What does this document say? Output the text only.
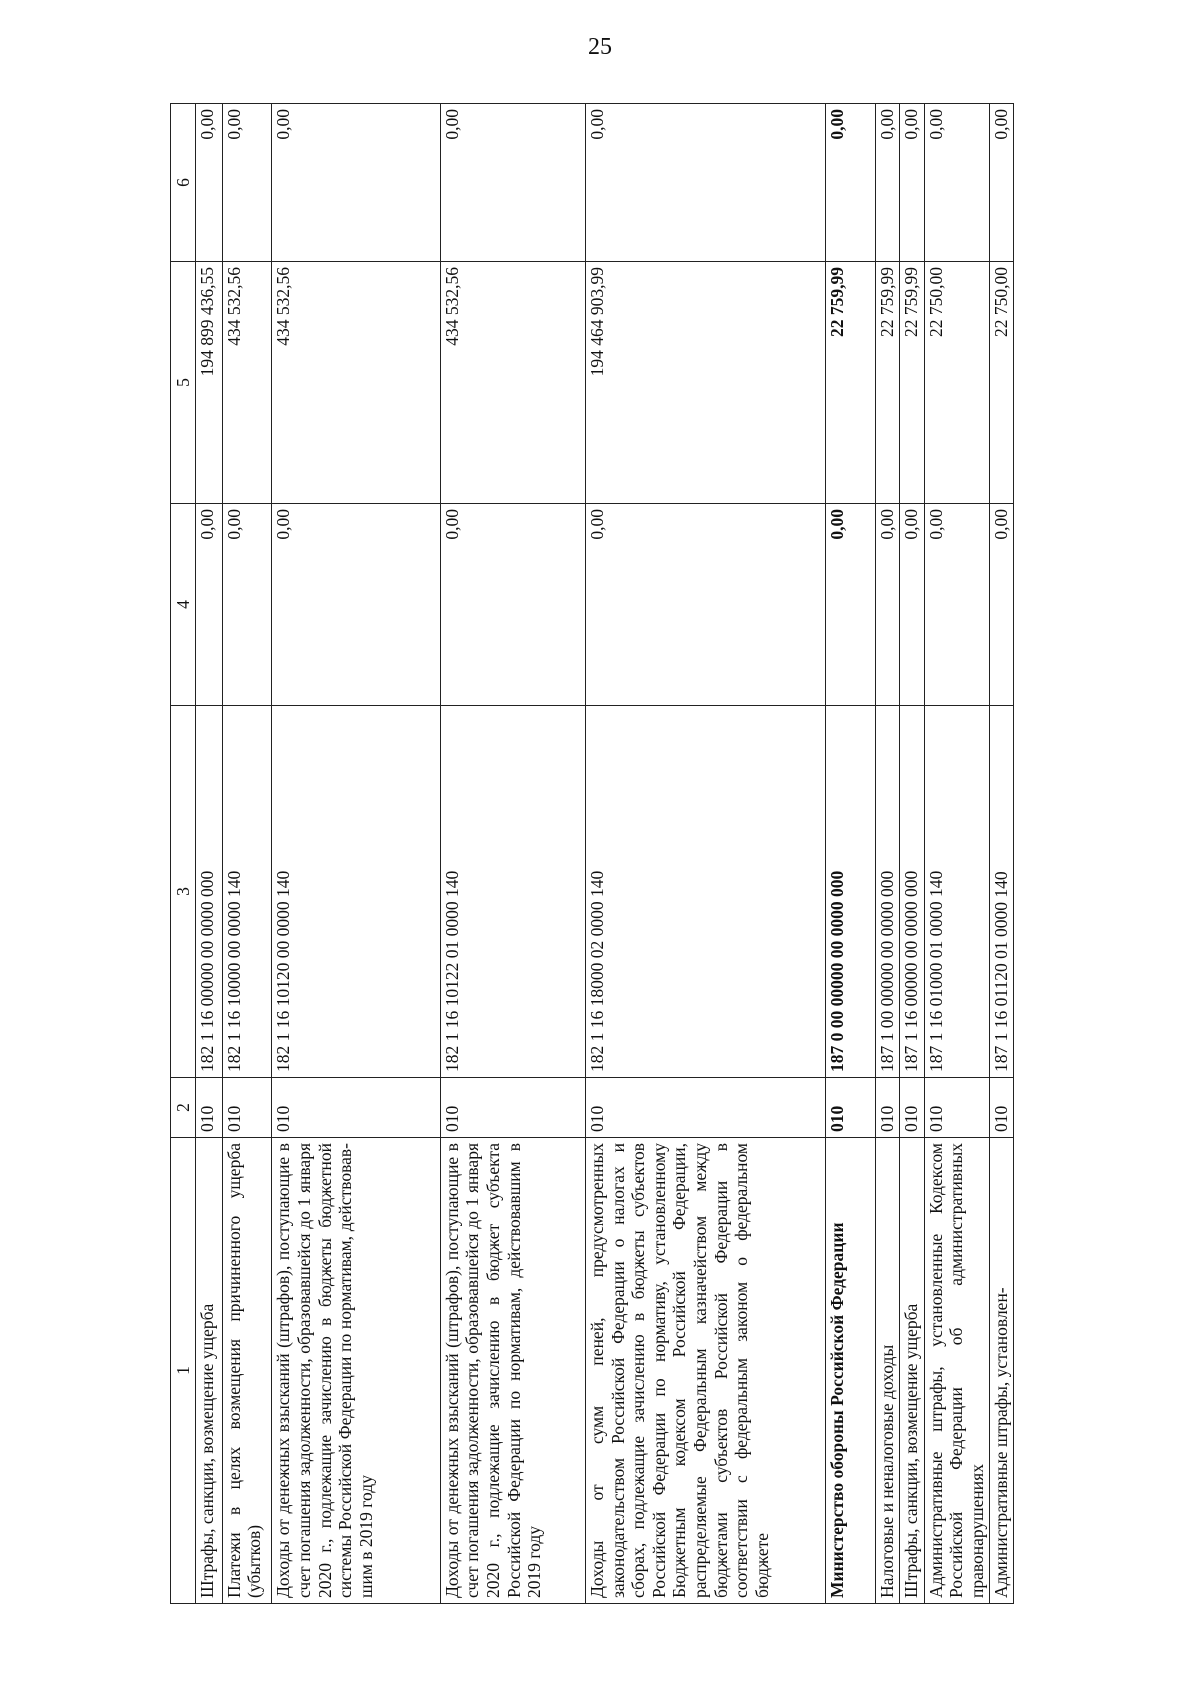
25
1	2	3	4	5	6
Штрафы, санкции, возмещение ущерба	010	182 1 16 00000 00 0000 000	0,00	194 899 436,55	0,00
Платежи в целях возмещения причиненного ущерба (убытков)	010	182 1 16 10000 00 0000 140	0,00	434 532,56	0,00
Доходы от денежных взысканий (штрафов), поступающие в счет погашения задолженности, образовавшейся до 1 января 2020 г., подлежащие зачислению в бюджеты бюджетной системы Российской Федерации по нормативам, действовавшим в 2019 году	010	182 1 16 10120 00 0000 140	0,00	434 532,56	0,00
Доходы от денежных взысканий (штрафов), поступающие в счет погашения задолженности, образовавшейся до 1 января 2020 г., подлежащие зачислению в бюджет субъекта Российской Федерации по нормативам, действовавшим в 2019 году	010	182 1 16 10122 01 0000 140	0,00	434 532,56	0,00
Доходы от сумм пеней, предусмотренных законодательством Российской Федерации о налогах и сборах, подлежащие зачислению в бюджеты субъектов Российской Федерации по нормативу, установленному Бюджетным кодексом Российской Федерации, распределяемые Федеральным казначейством между бюджетами субъектов Российской Федерации в соответствии с федеральным законом о федеральном бюджете	010	182 1 16 18000 02 0000 140	0,00	194 464 903,99	0,00
Министерство обороны Российской Федерации	010	187 0 00 00000 00 0000 000	0,00	22 759,99	0,00
Налоговые и неналоговые доходы	010	187 1 00 00000 00 0000 000	0,00	22 759,99	0,00
Штрафы, санкции, возмещение ущерба	010	187 1 16 00000 00 0000 000	0,00	22 759,99	0,00
Административные штрафы, установленные Кодексом Российской Федерации об административных правонарушениях	010	187 1 16 01000 01 0000 140	0,00	22 750,00	0,00
Административные штрафы, установлен-	010	187 1 16 01120 01 0000 140	0,00	22 750,00	0,00
